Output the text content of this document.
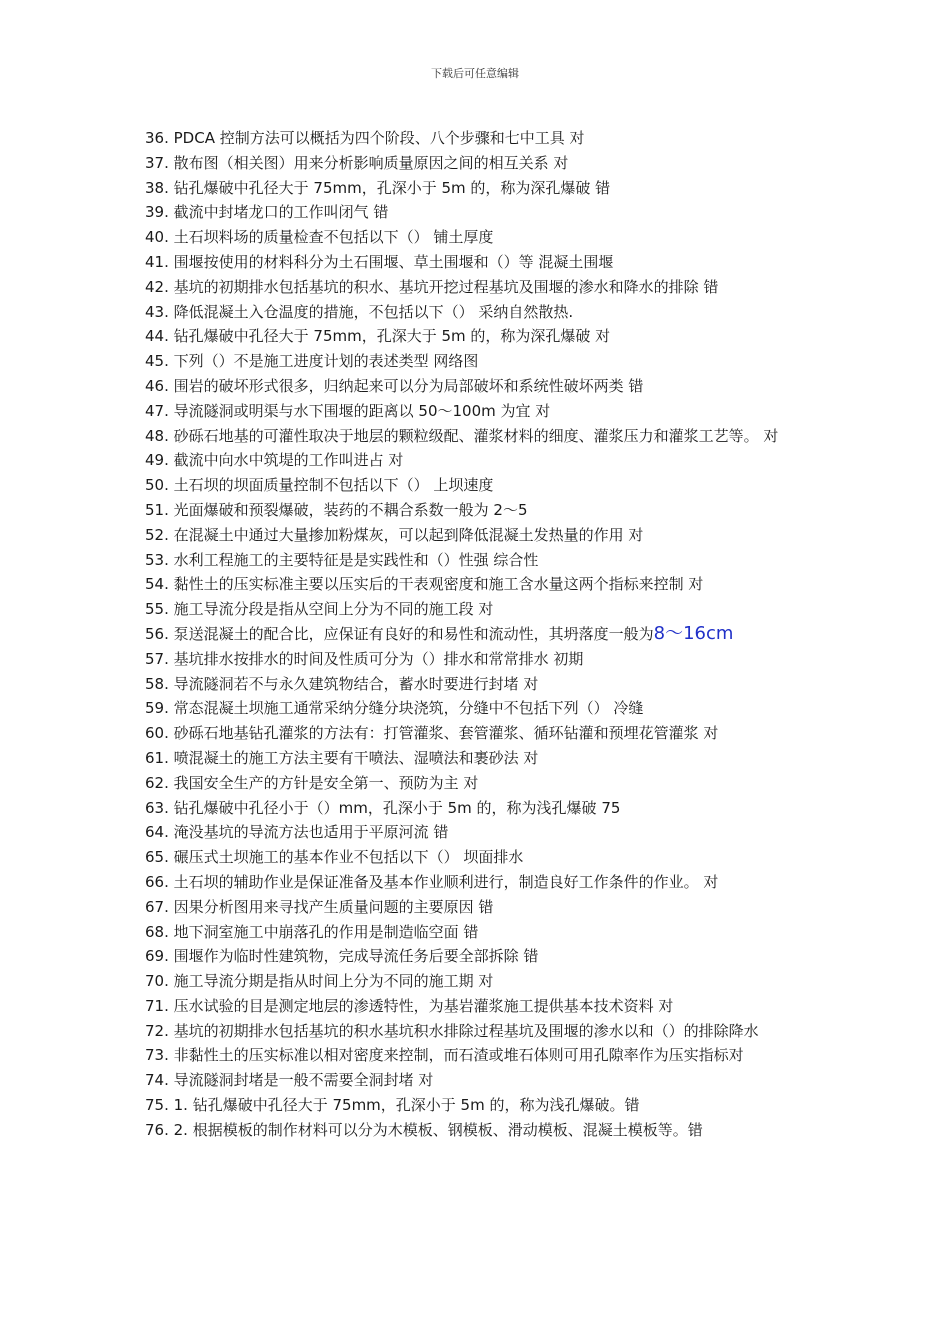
下载后可任意编辑

36. PDCA 控制方法可以概括为四个阶段、八个步骤和七中工具 对

37. 散布图（相关图）用来分析影响质量原因之间的相互关系 对

38. 钻孔爆破中孔径大于 75mm，孔深小于 5m 的，称为深孔爆破 错

39. 截流中封堵龙口的工作叫闭气 错

40. 土石坝料场的质量检查不包括以下（） 铺土厚度

41. 围堰按使用的材料科分为土石围堰、草土围堰和（）等 混凝土围堰

42. 基坑的初期排水包括基坑的积水、基坑开挖过程基坑及围堰的渗水和降水的排除 错

43. 降低混凝土入仓温度的措施，不包括以下（） 采纳自然散热.

44. 钻孔爆破中孔径大于 75mm，孔深大于 5m 的，称为深孔爆破 对

45. 下列（）不是施工进度计划的表述类型 网络图

46. 围岩的破坏形式很多，归纳起来可以分为局部破坏和系统性破坏两类 错

47. 导流隧洞或明渠与水下围堰的距离以 50～100m 为宜 对

48. 砂砾石地基的可灌性取决于地层的颗粒级配、灌浆材料的细度、灌浆压力和灌浆工艺等。 对

49. 截流中向水中筑堤的工作叫进占 对

50. 土石坝的坝面质量控制不包括以下（） 上坝速度

51. 光面爆破和预裂爆破，装药的不耦合系数一般为 2～5

52. 在混凝土中通过大量掺加粉煤灰，可以起到降低混凝土发热量的作用 对

53. 水利工程施工的主要特征是是实践性和（）性强 综合性

54. 黏性土的压实标准主要以压实后的干表观密度和施工含水量这两个指标来控制 对

55. 施工导流分段是指从空间上分为不同的施工段 对

56. 泵送混凝土的配合比，应保证有良好的和易性和流动性，其坍落度一般为8～16cm

57. 基坑排水按排水的时间及性质可分为（）排水和常常排水 初期

58. 导流隧洞若不与永久建筑物结合，蓄水时要进行封堵 对

59. 常态混凝土坝施工通常采纳分缝分块浇筑，分缝中不包括下列（） 冷缝

60. 砂砾石地基钻孔灌浆的方法有：打管灌浆、套管灌浆、循环钻灌和预埋花管灌浆 对

61. 喷混凝土的施工方法主要有干喷法、湿喷法和裹砂法 对

62. 我国安全生产的方针是安全第一、预防为主 对

63. 钻孔爆破中孔径小于（）mm，孔深小于 5m 的，称为浅孔爆破 75

64. 淹没基坑的导流方法也适用于平原河流 错

65. 碾压式土坝施工的基本作业不包括以下（） 坝面排水

66. 土石坝的辅助作业是保证准备及基本作业顺利进行，制造良好工作条件的作业。 对

67. 因果分析图用来寻找产生质量问题的主要原因 错

68. 地下洞室施工中崩落孔的作用是制造临空面 错

69. 围堰作为临时性建筑物，完成导流任务后要全部拆除 错

70. 施工导流分期是指从时间上分为不同的施工期 对

71. 压水试验的目是测定地层的渗透特性，为基岩灌浆施工提供基本技术资料 对

72. 基坑的初期排水包括基坑的积水基坑积水排除过程基坑及围堰的渗水以和（）的排除降水

73. 非黏性土的压实标准以相对密度来控制，而石渣或堆石体则可用孔隙率作为压实指标对

74. 导流隧洞封堵是一般不需要全洞封堵 对

75. 1. 钻孔爆破中孔径大于 75mm，孔深小于 5m 的，称为浅孔爆破。错

76. 2. 根据模板的制作材料可以分为木模板、钢模板、滑动模板、混凝土模板等。错
